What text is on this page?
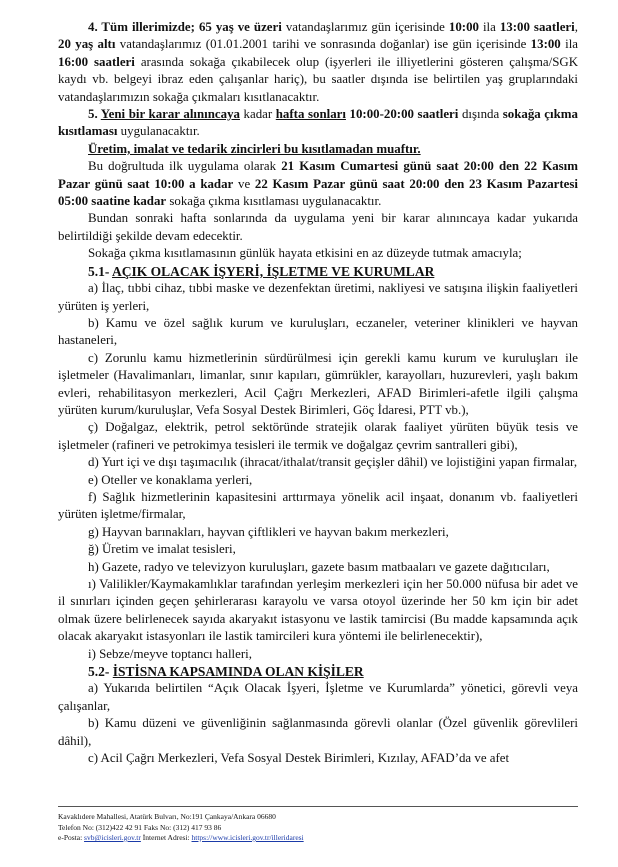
4. Tüm illerimizde; 65 yaş ve üzeri vatandaşlarımız gün içerisinde 10:00 ila 13:00 saatleri, 20 yaş altı vatandaşlarımız (01.01.2001 tarihi ve sonrasında doğanlar) ise gün içerisinde 13:00 ila 16:00 saatleri arasında sokağa çıkabilecek olup (işyerleri ile illiyetlerini gösteren çalışma/SGK kaydı vb. belgeyi ibraz eden çalışanlar hariç), bu saatler dışında ise belirtilen yaş gruplarındaki vatandaşlarımızın sokağa çıkmaları kısıtlanacaktır.

5. Yeni bir karar alınıncaya kadar hafta sonları 10:00-20:00 saatleri dışında sokağa çıkma kısıtlaması uygulanacaktır.

Üretim, imalat ve tedarik zincirleri bu kısıtlamadan muaftır.

Bu doğrultuda ilk uygulama olarak 21 Kasım Cumartesi günü saat 20:00 den 22 Kasım Pazar günü saat 10:00 a kadar ve 22 Kasım Pazar günü saat 20:00 den 23 Kasım Pazartesi 05:00 saatine kadar sokağa çıkma kısıtlaması uygulanacaktır.

Bundan sonraki hafta sonlarında da uygulama yeni bir karar alınıncaya kadar yukarıda belirtildiği şekilde devam edecektir.

Sokağa çıkma kısıtlamasının günlük hayata etkisini en az düzeyde tutmak amacıyla;

5.1- AÇIK OLACAK İŞYERİ, İŞLETME VE KURUMLAR

a) İlaç, tıbbi cihaz, tıbbi maske ve dezenfektan üretimi, nakliyesi ve satışına ilişkin faaliyetleri yürüten iş yerleri,

b) Kamu ve özel sağlık kurum ve kuruluşları, eczaneler, veteriner klinikleri ve hayvan hastaneleri,

c) Zorunlu kamu hizmetlerinin sürdürülmesi için gerekli kamu kurum ve kuruluşları ile işletmeler (Havalimanları, limanlar, sınır kapıları, gümrükler, karayolları, huzurevleri, yaşlı bakım evleri, rehabilitasyon merkezleri, Acil Çağrı Merkezleri, AFAD Birimleri-afetle ilgili çalışma yürüten kurum/kuruluşlar, Vefa Sosyal Destek Birimleri, Göç İdaresi, PTT vb.),

ç) Doğalgaz, elektrik, petrol sektöründe stratejik olarak faaliyet yürüten büyük tesis ve işletmeler (rafineri ve petrokimya tesisleri ile termik ve doğalgaz çevrim santralleri gibi),

d) Yurt içi ve dışı taşımacılık (ihracat/ithalat/transit geçişler dâhil) ve lojistiğini yapan firmalar,

e) Oteller ve konaklama yerleri,

f) Sağlık hizmetlerinin kapasitesini arttırmaya yönelik acil inşaat, donanım vb. faaliyetleri yürüten işletme/firmalar,

g) Hayvan barınakları, hayvan çiftlikleri ve hayvan bakım merkezleri,

ğ) Üretim ve imalat tesisleri,

h) Gazete, radyo ve televizyon kuruluşları, gazete basım matbaaları ve gazete dağıtıcıları,

ı) Valilikler/Kaymakamlıklar tarafından yerleşim merkezleri için her 50.000 nüfusa bir adet ve il sınırları içinden geçen şehirlerarası karayolu ve varsa otoyol üzerinde her 50 km için bir adet olmak üzere belirlenecek sayıda akaryakıt istasyonu ve lastik tamircisi (Bu madde kapsamında açık olacak akaryakıt istasyonları ile lastik tamircileri kura yöntemi ile belirlenecektir),

i) Sebze/meyve toptancı halleri,

5.2- İSTİSNA KAPSAMINDA OLAN KİŞİLER

a) Yukarıda belirtilen “Açık Olacak İşyeri, İşletme ve Kurumlarda” yönetici, görevli veya çalışanlar,

b) Kamu düzeni ve güvenliğinin sağlanmasında görevli olanlar (Özel güvenlik görevlileri dâhil),

c) Acil Çağrı Merkezleri, Vefa Sosyal Destek Birimleri, Kızılay, AFAD’da ve afet

Kavaklıdere Mahallesi, Atatürk Bulvarı, No:191 Çankaya/Ankara 06680
Telefon No: (312)422 42 91 Faks No: (312) 417 93 86
e-Posta: svb@icisleri.gov.tr İnternet Adresi: https://www.icisleri.gov.tr/illeridaresi
